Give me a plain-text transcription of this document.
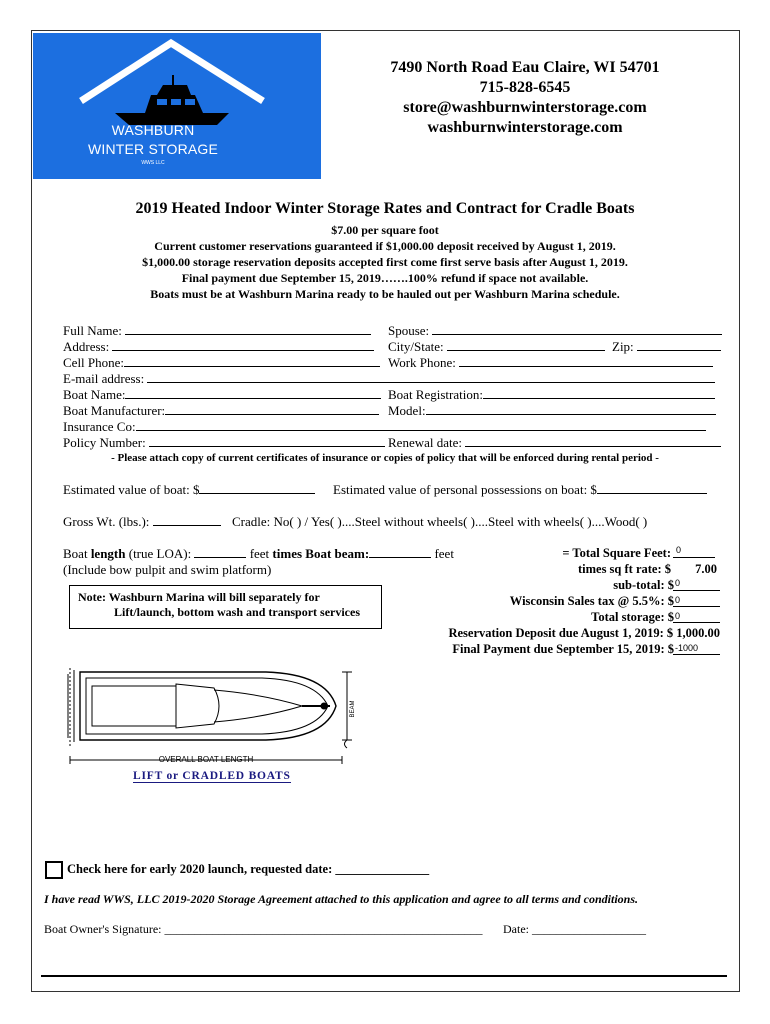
WASHBURN
WINTER STORAGE
WWS LLC
7490 North Road Eau Claire, WI 54701
715-828-6545
store@washburnwinterstorage.com
washburnwinterstorage.com
2019 Heated Indoor Winter Storage Rates and Contract for Cradle Boats
$7.00 per square foot
Current customer reservations guaranteed if $1,000.00 deposit received by August 1, 2019.
$1,000.00 storage reservation deposits accepted first come first serve basis after August 1, 2019.
Final payment due September 15, 2019…….100% refund if space not available.
Boats must be at Washburn Marina ready to be hauled out per Washburn Marina schedule.
Full Name:	Spouse:
Address:	City/State:	Zip:
Cell Phone:	Work Phone:
E-mail address:
Boat Name:	Boat Registration:
Boat Manufacturer:	Model:
Insurance Co:
Policy Number:	Renewal date:
- Please attach copy of current certificates of insurance or copies of policy that will be enforced during rental period -
Estimated value of boat: $	Estimated value of personal possessions on boat: $
Gross Wt. (lbs.):	Cradle: No( ) / Yes( )....Steel without wheels( )....Steel with wheels( )....Wood( )
Boat length (true LOA):	feet times Boat beam:	feet
(Include bow pulpit and swim platform)
Note: Washburn Marina will bill separately for
Lift/launch, bottom wash and transport services
= Total Square Feet: 0
times sq ft rate: $ 7.00
sub-total: $ 0
Wisconsin Sales tax @ 5.5%: $ 0
Total storage: $ 0
Reservation Deposit due August 1, 2019: $ 1,000.00
Final Payment due September 15, 2019: $ -1000
BEAM
OVERALL BOAT LENGTH
LIFT or CRADLED BOATS
Check here for early 2020 launch, requested date: _______________
I have read WWS, LLC 2019-2020 Storage Agreement attached to this application and agree to all terms and conditions.
Boat Owner's Signature: _____________________________________________________ Date: ___________________
